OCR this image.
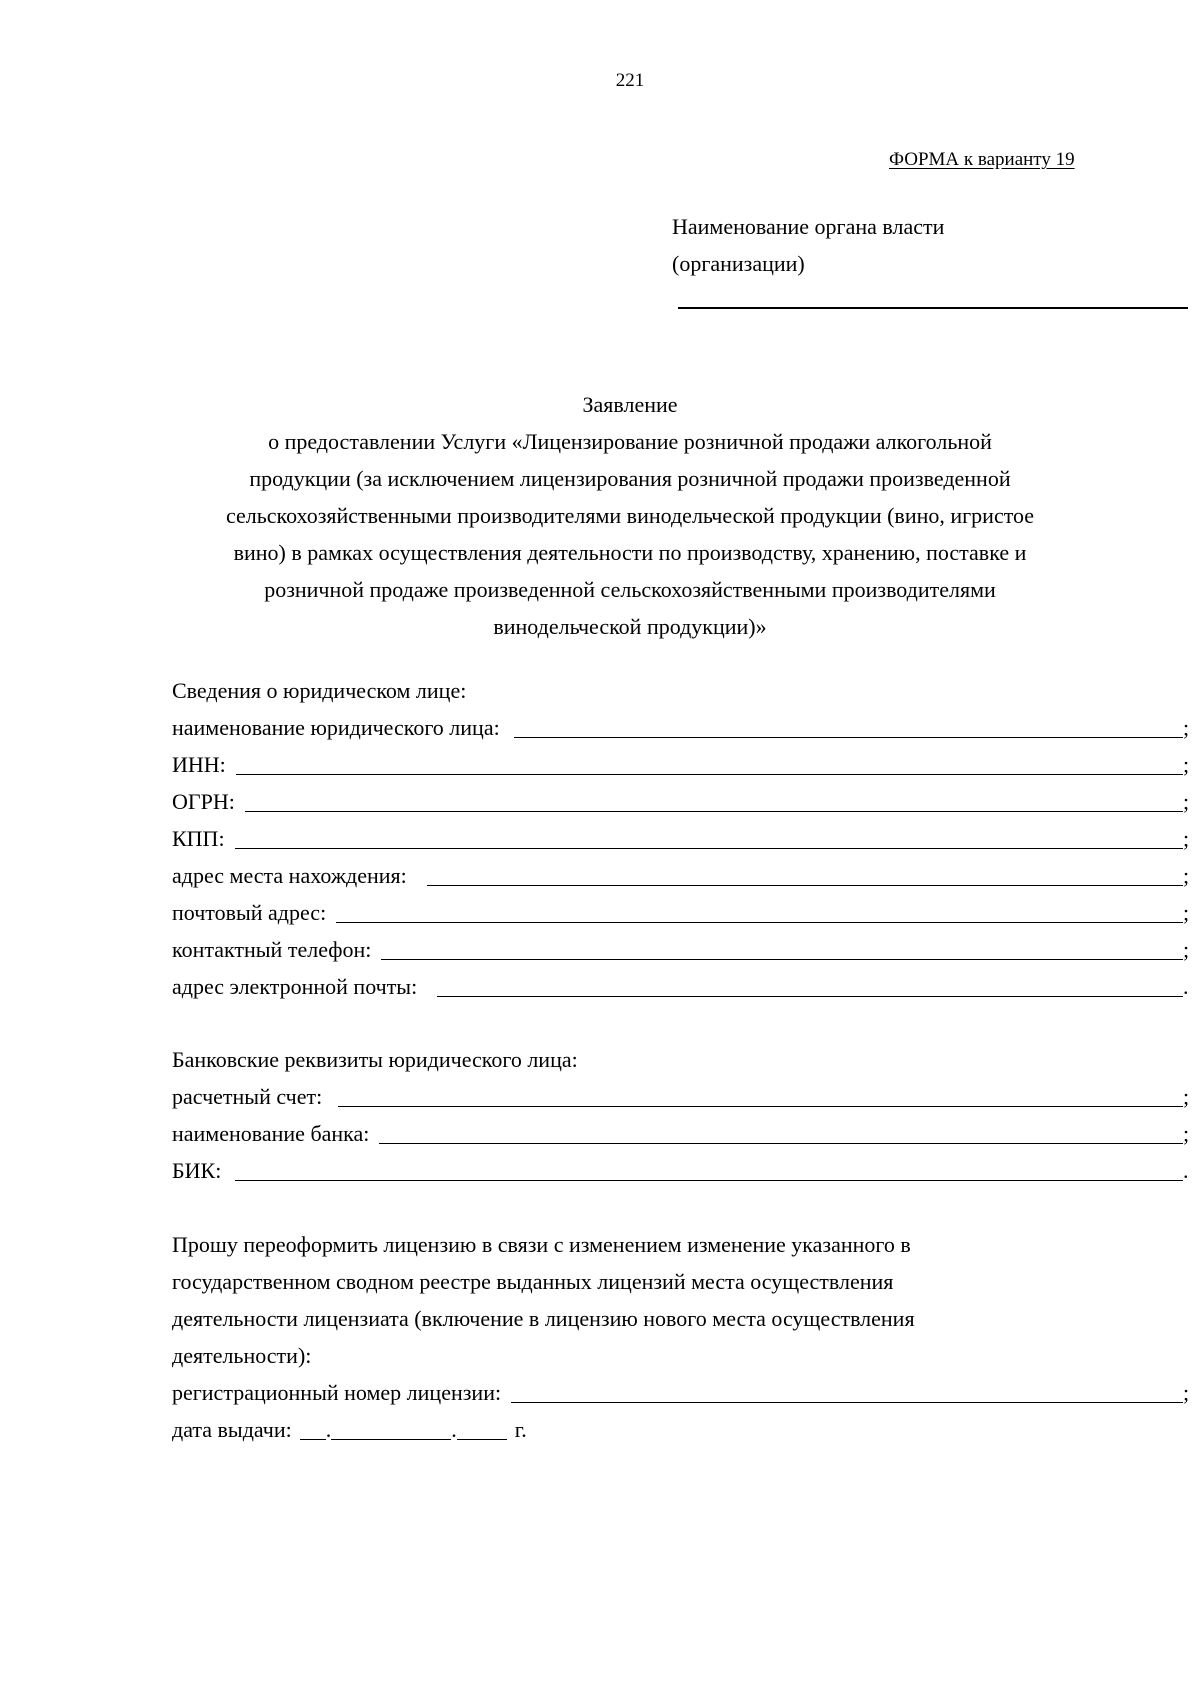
221
ФОРМА к варианту 19
Наименование органа власти
(организации)
Заявление
о предоставлении Услуги «Лицензирование розничной продажи алкогольной
продукции (за исключением лицензирования розничной продажи произведенной
сельскохозяйственными производителями винодельческой продукции (вино, игристое
вино) в рамках осуществления деятельности по производству, хранению, поставке и
розничной продаже произведенной сельскохозяйственными производителями
винодельческой продукции)»
Сведения о юридическом лице:
наименование юридического лица:	;
ИНН:	;
ОГРН:	;
КПП:	;
адрес места нахождения:	;
почтовый адрес:	;
контактный телефон:	;
адрес электронной почты:	.
Банковские реквизиты юридического лица:
расчетный счет:	;
наименование банка:	;
БИК:	.
Прошу переоформить лицензию в связи с изменением изменение указанного в
государственном сводном реестре выданных лицензий места осуществления
деятельности лицензиата (включение в лицензию нового места осуществления
деятельности):
регистрационный номер лицензии:	;
дата выдачи: .	.	г.
